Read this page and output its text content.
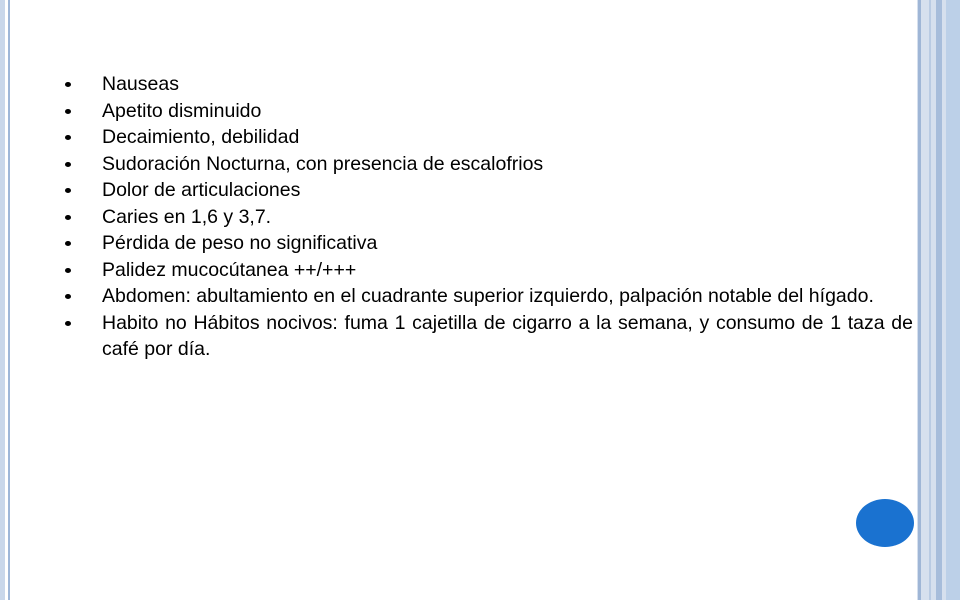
Nauseas
Apetito disminuido
Decaimiento, debilidad
Sudoración Nocturna, con presencia de escalofrios
Dolor de articulaciones
Caries en 1,6 y 3,7.
Pérdida de peso no significativa
Palidez mucocútanea ++/+++
Abdomen: abultamiento en el cuadrante superior izquierdo, palpación notable del hígado.
Habito no Hábitos nocivos: fuma 1 cajetilla de cigarro a la semana, y consumo de 1 taza de café por día.
